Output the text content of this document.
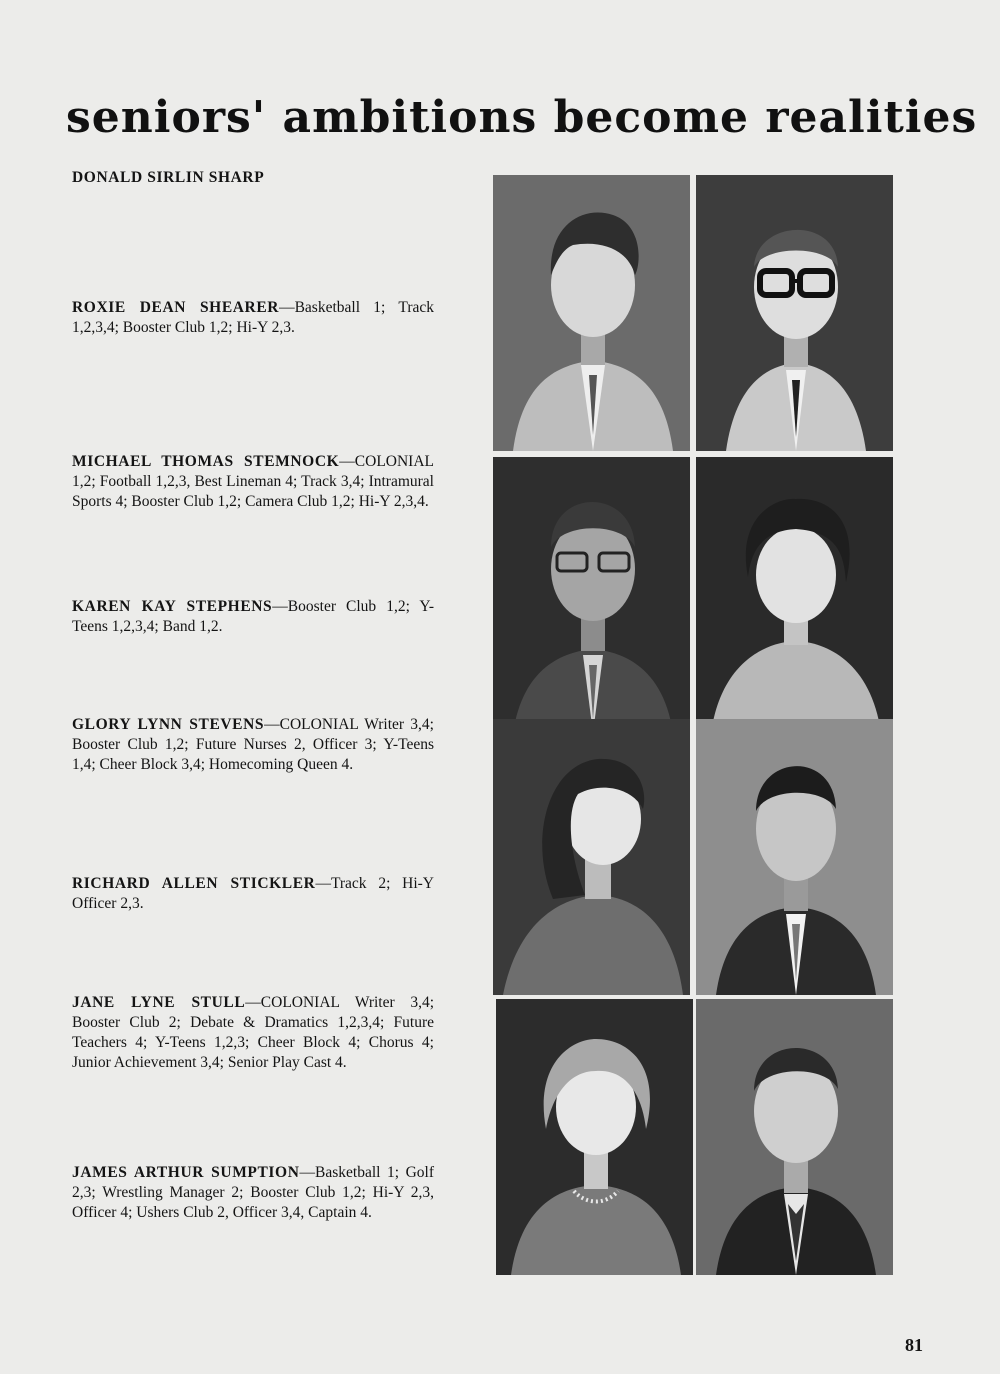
seniors' ambitions become realities

DONALD SIRLIN SHARP

ROXIE DEAN SHEARER—Basketball 1; Track 1,2,3,4; Booster Club 1,2; Hi-Y 2,3.

MICHAEL THOMAS STEMNOCK—COLONIAL 1,2; Football 1,2,3, Best Lineman 4; Track 3,4; Intramural Sports 4; Booster Club 1,2; Camera Club 1,2; Hi-Y 2,3,4.

KAREN KAY STEPHENS—Booster Club 1,2; Y-Teens 1,2,3,4; Band 1,2.

GLORY LYNN STEVENS—COLONIAL Writer 3,4; Booster Club 1,2; Future Nurses 2, Officer 3; Y-Teens 1,4; Cheer Block 3,4; Homecoming Queen 4.

RICHARD ALLEN STICKLER—Track 2; Hi-Y Officer 2,3.

JANE LYNE STULL—COLONIAL Writer 3,4; Booster Club 2; Debate & Dramatics 1,2,3,4; Future Teachers 4; Y-Teens 1,2,3; Cheer Block 4; Chorus 4; Junior Achievement 3,4; Senior Play Cast 4.

JAMES ARTHUR SUMPTION—Basketball 1; Golf 2,3; Wrestling Manager 2; Booster Club 1,2; Hi-Y 2,3, Officer 4; Ushers Club 2, Officer 3,4, Captain 4.

81
